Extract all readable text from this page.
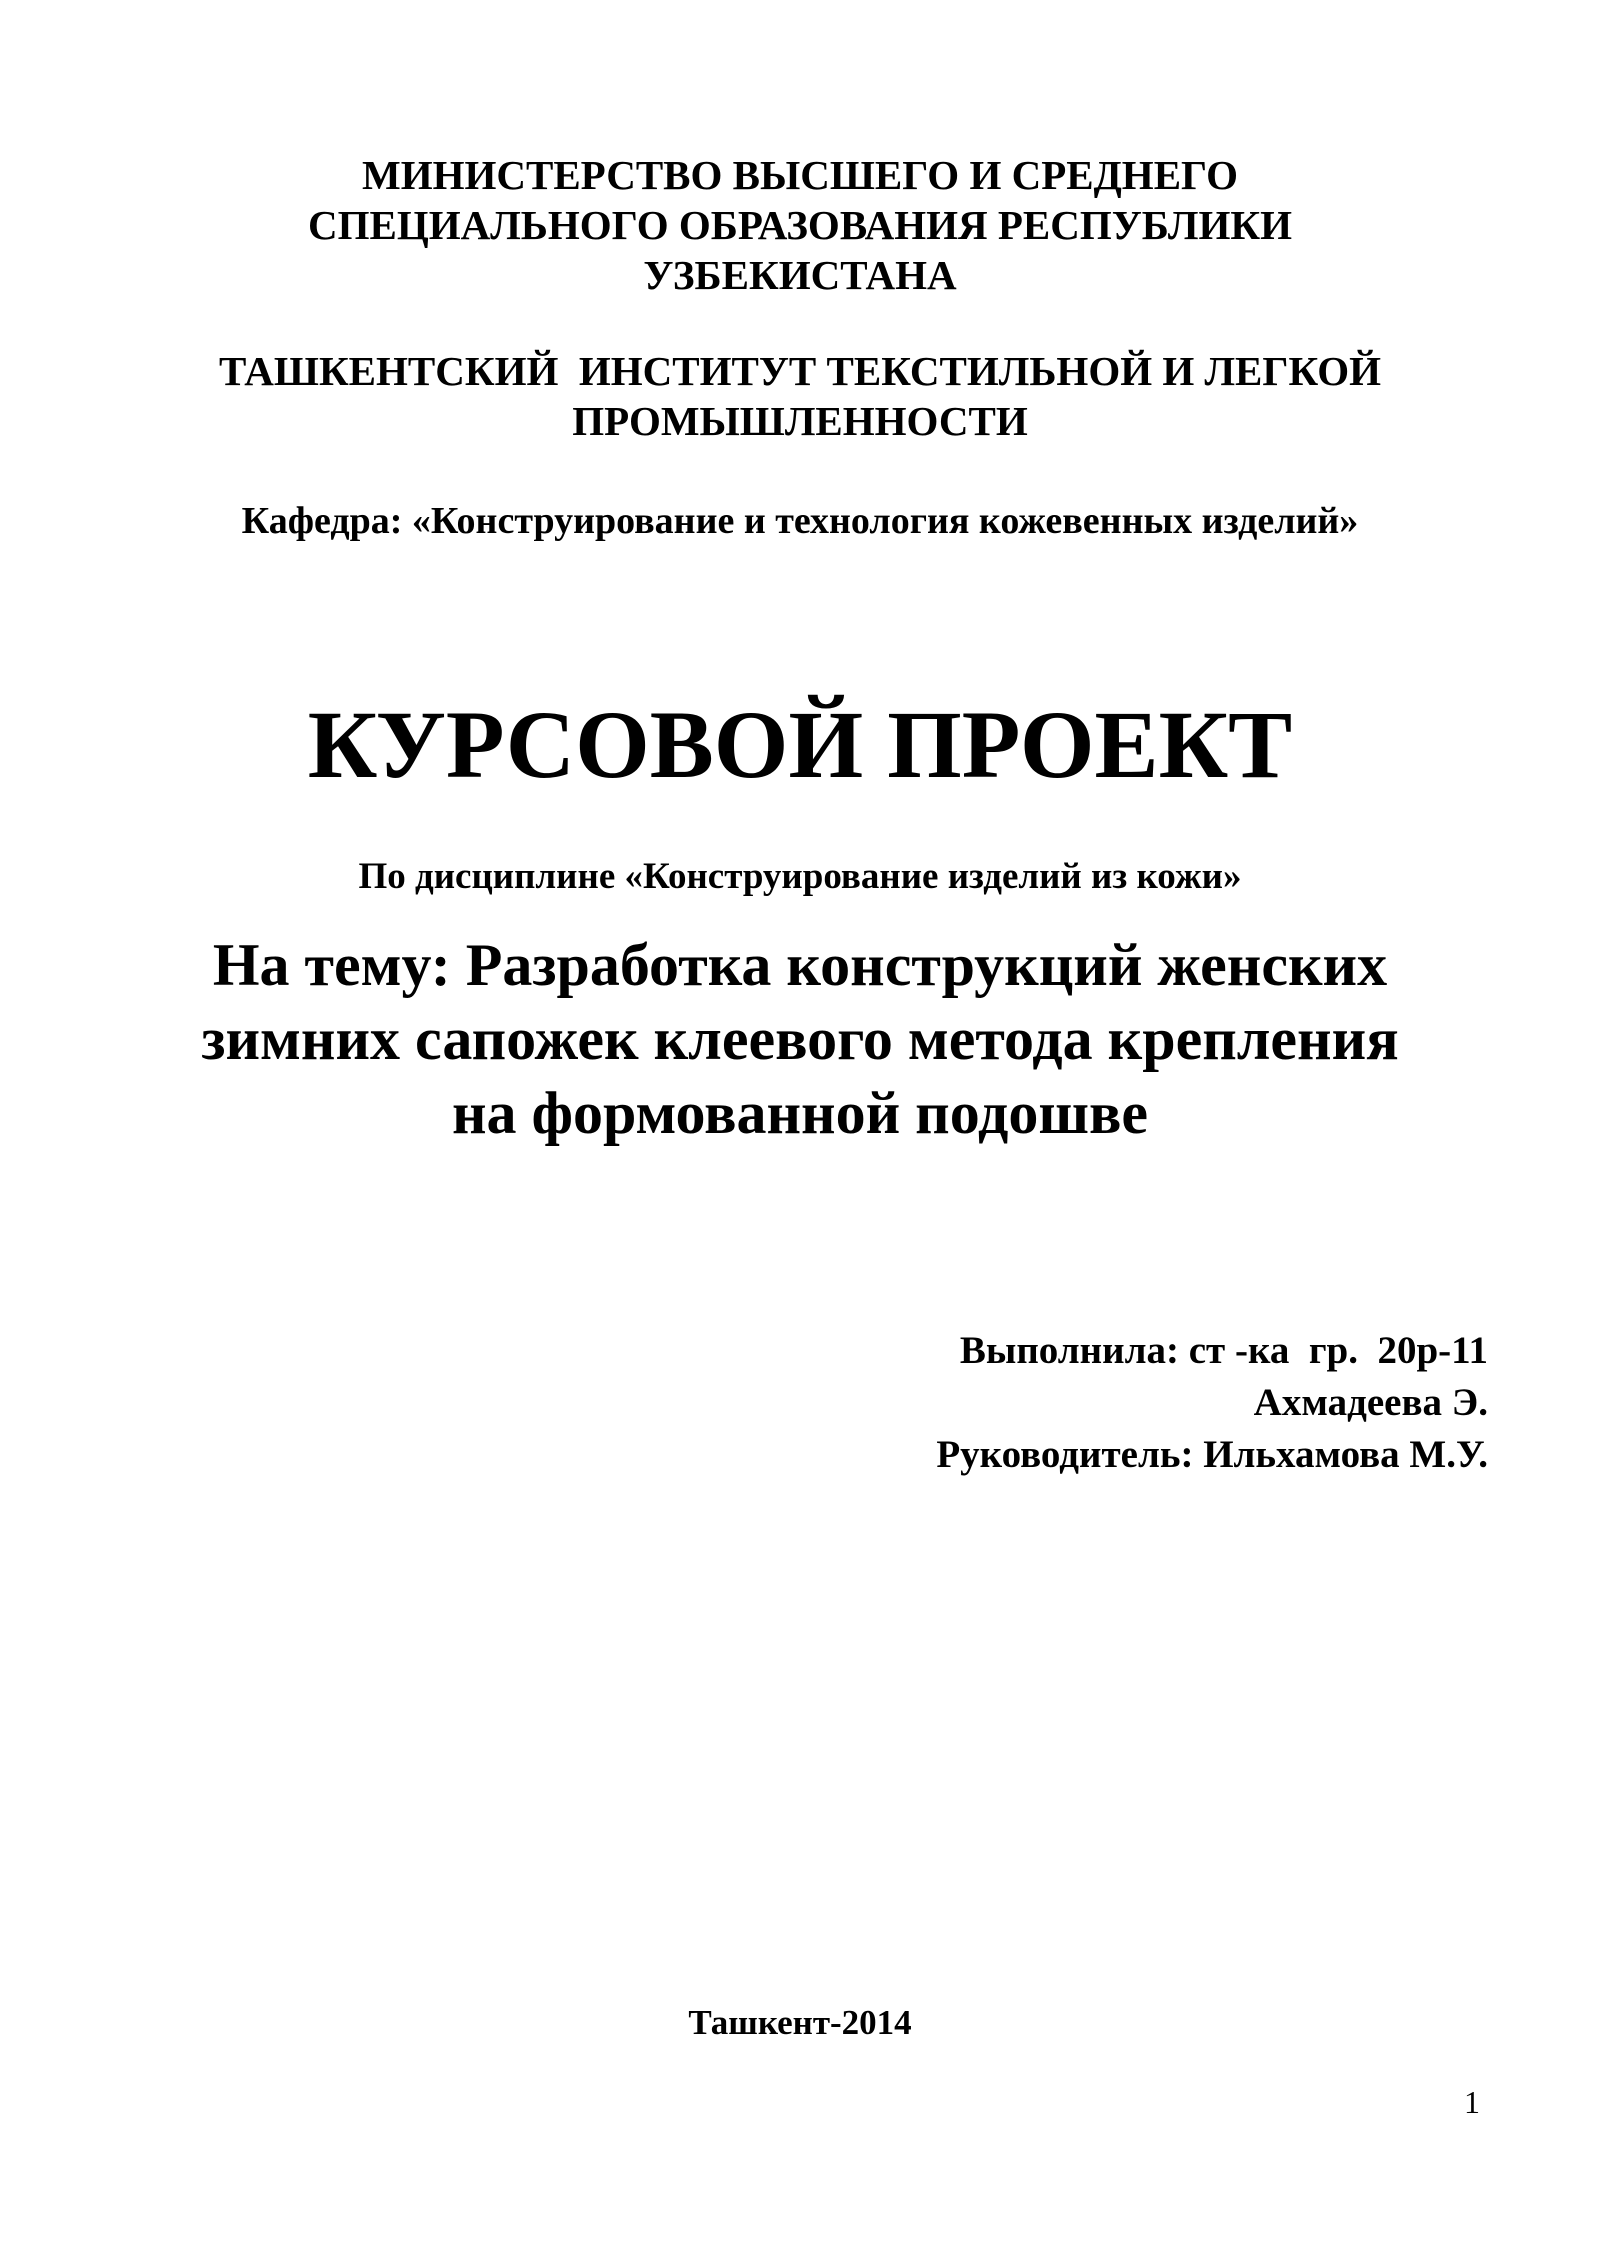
МИНИСТЕРСТВО ВЫСШЕГО И СРЕДНЕГО
СПЕЦИАЛЬНОГО ОБРАЗОВАНИЯ РЕСПУБЛИКИ
УЗБЕКИСТАНА
ТАШКЕНТСКИЙ  ИНСТИТУТ ТЕКСТИЛЬНОЙ И ЛЕГКОЙ
ПРОМЫШЛЕННОСТИ
Кафедра: «Конструирование и технология кожевенных изделий»
КУРСОВОЙ ПРОЕКТ
По дисциплине «Конструирование изделий из кожи»
На тему: Разработка конструкций женских
зимних сапожек клеевого метода крепления
на формованной подошве
Выполнила: ст -ка  гр.  20р-11
Ахмадеева Э.
Руководитель: Ильхамова М.У.
Ташкент-2014
1
